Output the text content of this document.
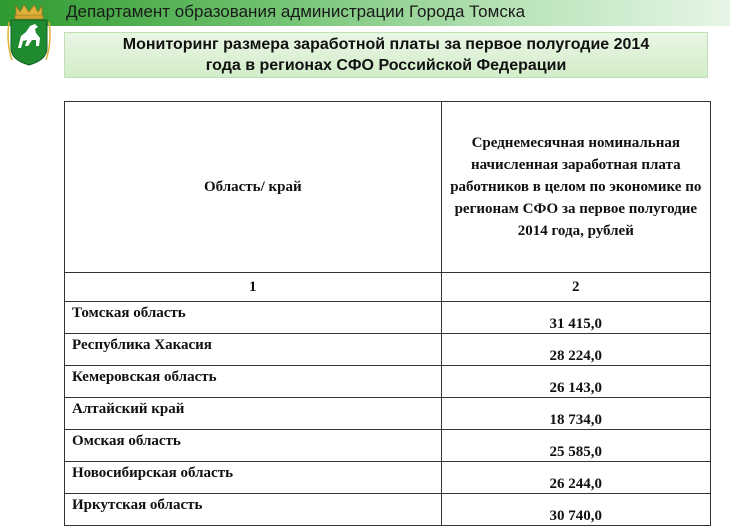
Департамент образования администрации Города Томска
Мониторинг размера заработной платы за первое полугодие 2014
года в регионах СФО Российской Федерации
Область/ край	Среднемесячная номинальная начисленная заработная плата работников в целом по экономике по регионам СФО за первое полугодие 2014 года, рублей
1	2
Томская область	31 415,0
Республика Хакасия	28 224,0
Кемеровская область	26 143,0
Алтайский край	18 734,0
Омская область	25 585,0
Новосибирская область	26 244,0
Иркутская область	30 740,0
